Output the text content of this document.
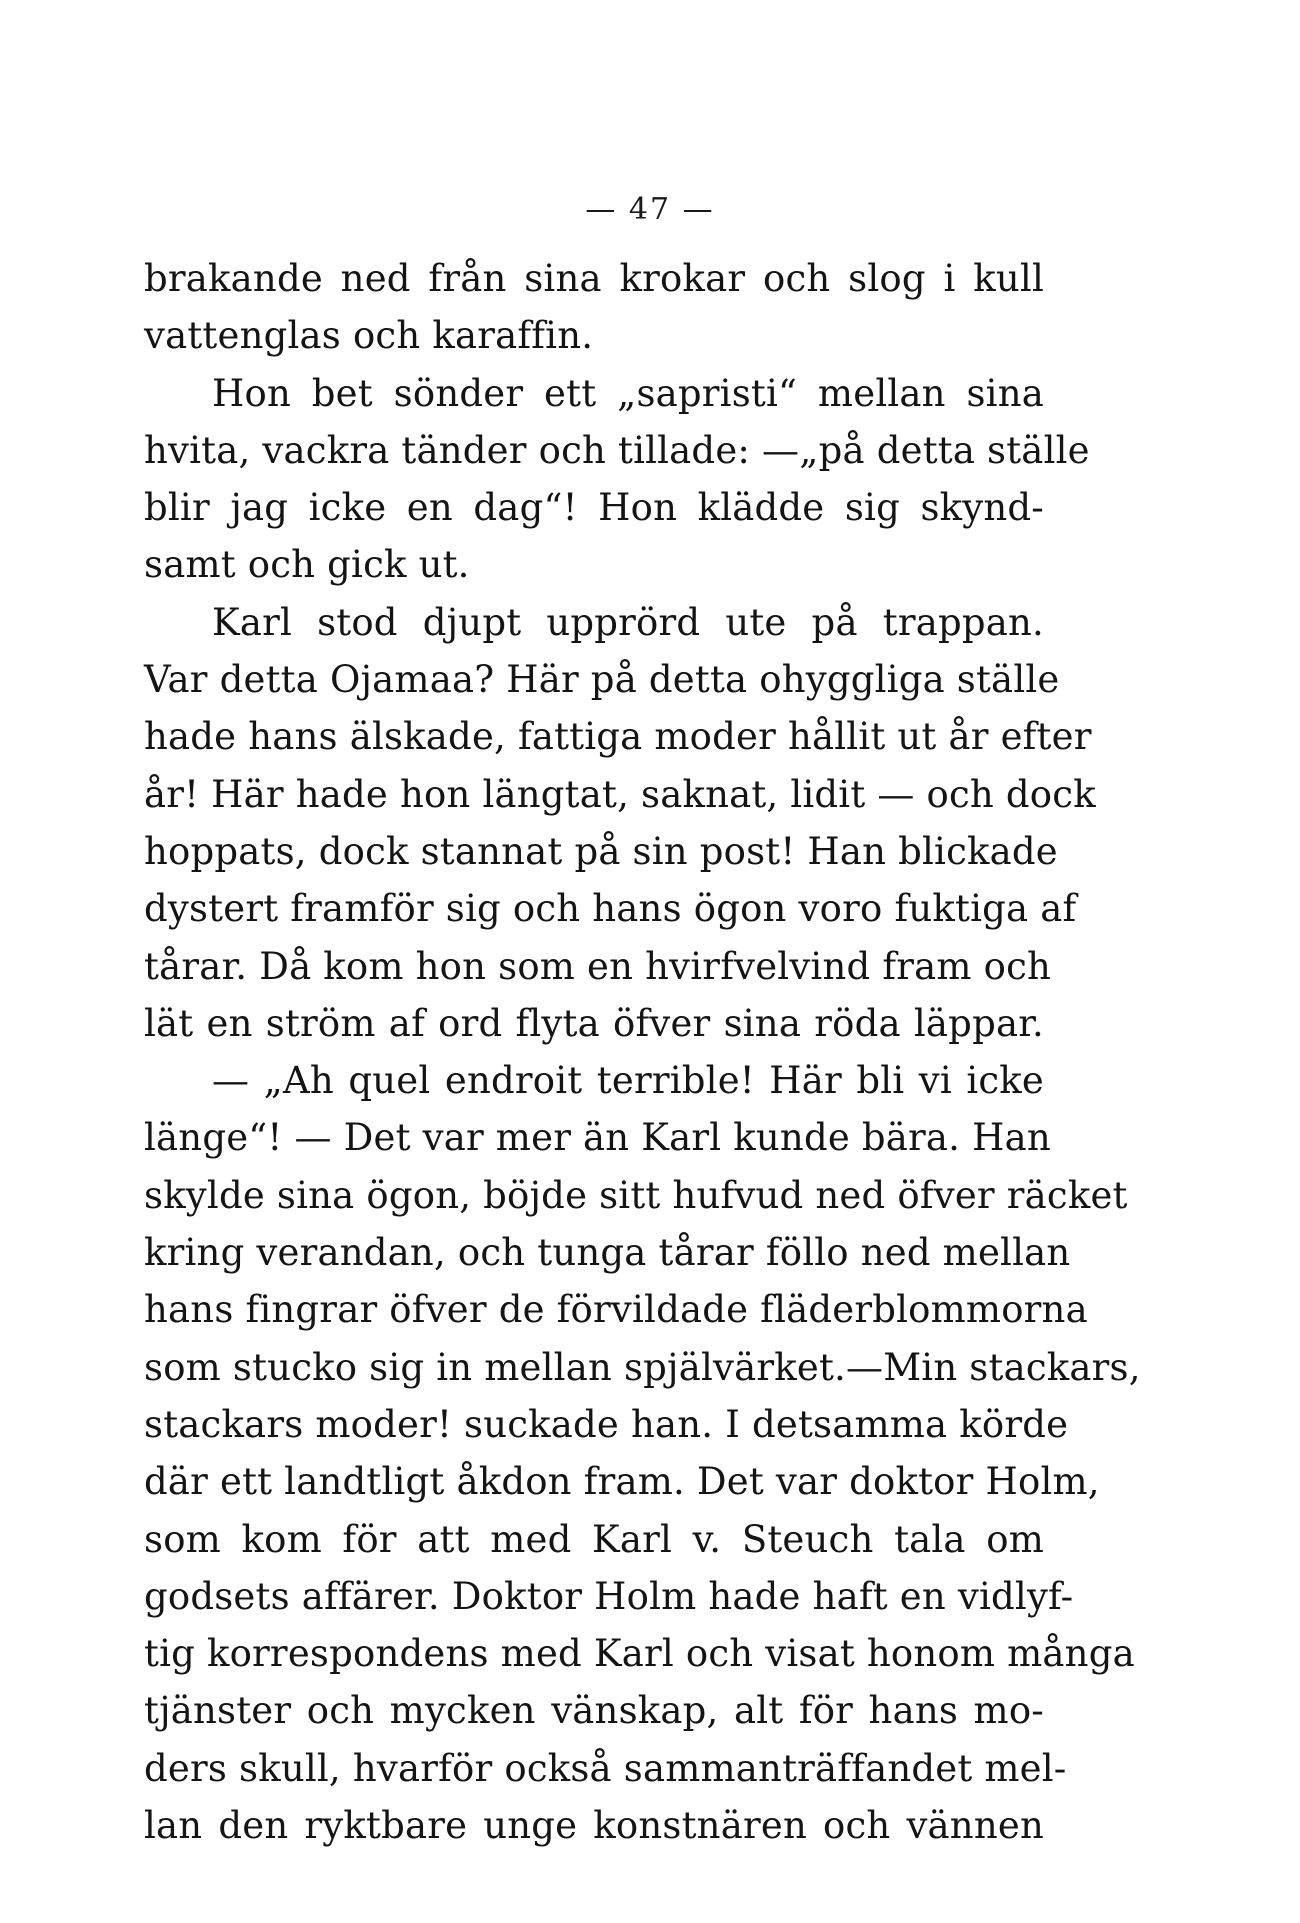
— 47 —
brakande ned från sina krokar och slog i kull
vattenglas och karaffin.
Hon bet sönder ett „sapristi“ mellan sina
hvita, vackra tänder och tillade: —„på detta ställe
blir jag icke en dag“! Hon klädde sig skynd-
samt och gick ut.
Karl stod djupt upprörd ute på trappan.
Var detta Ojamaa? Här på detta ohyggliga ställe
hade hans älskade, fattiga moder hållit ut år efter
år! Här hade hon längtat, saknat, lidit — och dock
hoppats, dock stannat på sin post! Han blickade
dystert framför sig och hans ögon voro fuktiga af
tårar. Då kom hon som en hvirfvelvind fram och
lät en ström af ord flyta öfver sina röda läppar.
— „Ah quel endroit terrible! Här bli vi icke
länge“! — Det var mer än Karl kunde bära. Han
skylde sina ögon, böjde sitt hufvud ned öfver räcket
kring verandan, och tunga tårar föllo ned mellan
hans fingrar öfver de förvildade fläderblommorna
som stucko sig in mellan spjälvärket.—Min stackars,
stackars moder! suckade han. I detsamma körde
där ett landtligt åkdon fram. Det var doktor Holm,
som kom för att med Karl v. Steuch tala om
godsets affärer. Doktor Holm hade haft en vidlyf-
tig korrespondens med Karl och visat honom många
tjänster och mycken vänskap, alt för hans mo-
ders skull, hvarför också sammanträffandet mel-
lan den ryktbare unge konstnären och vännen
